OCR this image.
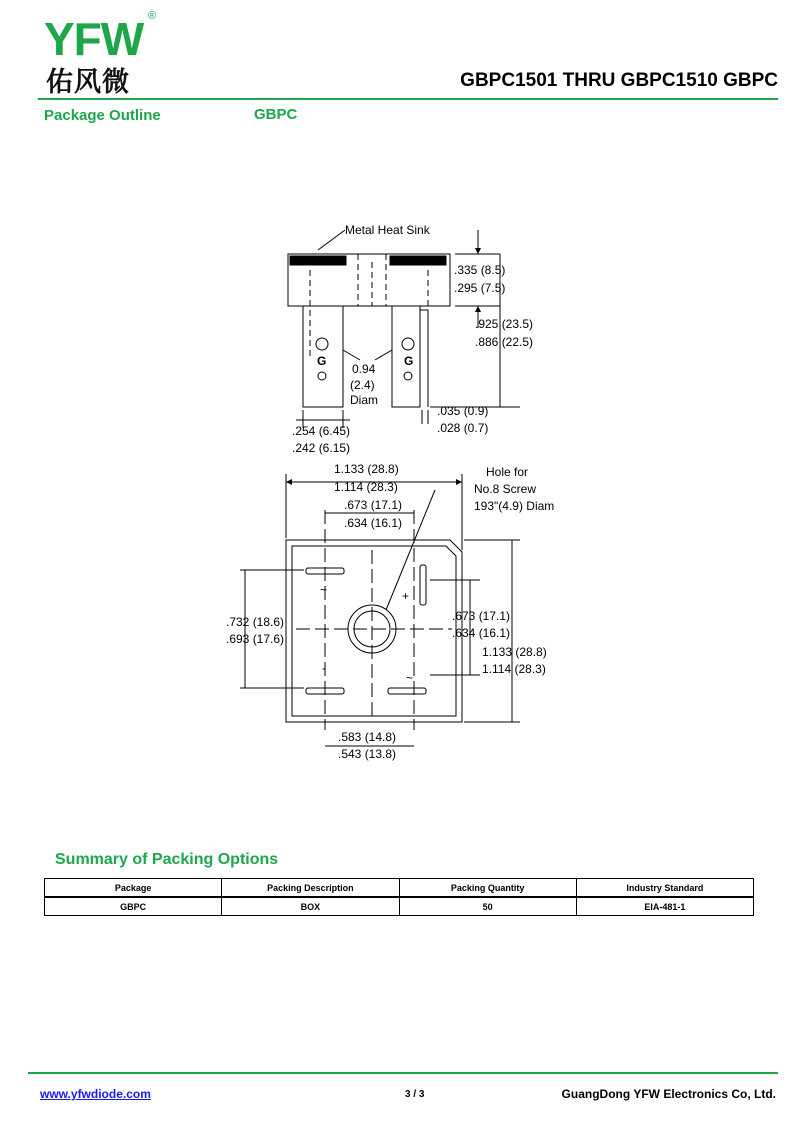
YFW ®
佑风微	GBPC1501 THRU GBPC1510 GBPC
Package Outline	GBPC
Metal Heat Sink
.335 (8.5)
.295 (7.5)
.925 (23.5)
.886 (22.5)
G	G
0.94
(2.4)
Diam
.035 (0.9)
.028 (0.7)
.254 (6.45)
.242 (6.15)
1.133 (28.8)
1.114 (28.3)
.673 (17.1)
.634 (16.1)
Hole for
No.8 Screw
193"(4.9) Diam
.732 (18.6)
.693 (17.6)
.673 (17.1)
.634 (16.1)
1.133 (28.8)
1.114 (28.3)
.583 (14.8)
.543 (13.8)
~	+
-
~
Summary of Packing Options
Package	Packing Description	Packing Quantity	Industry Standard
GBPC	BOX	50	EIA-481-1
www.yfwdiode.com	3 / 3	GuangDong YFW Electronics Co, Ltd.
